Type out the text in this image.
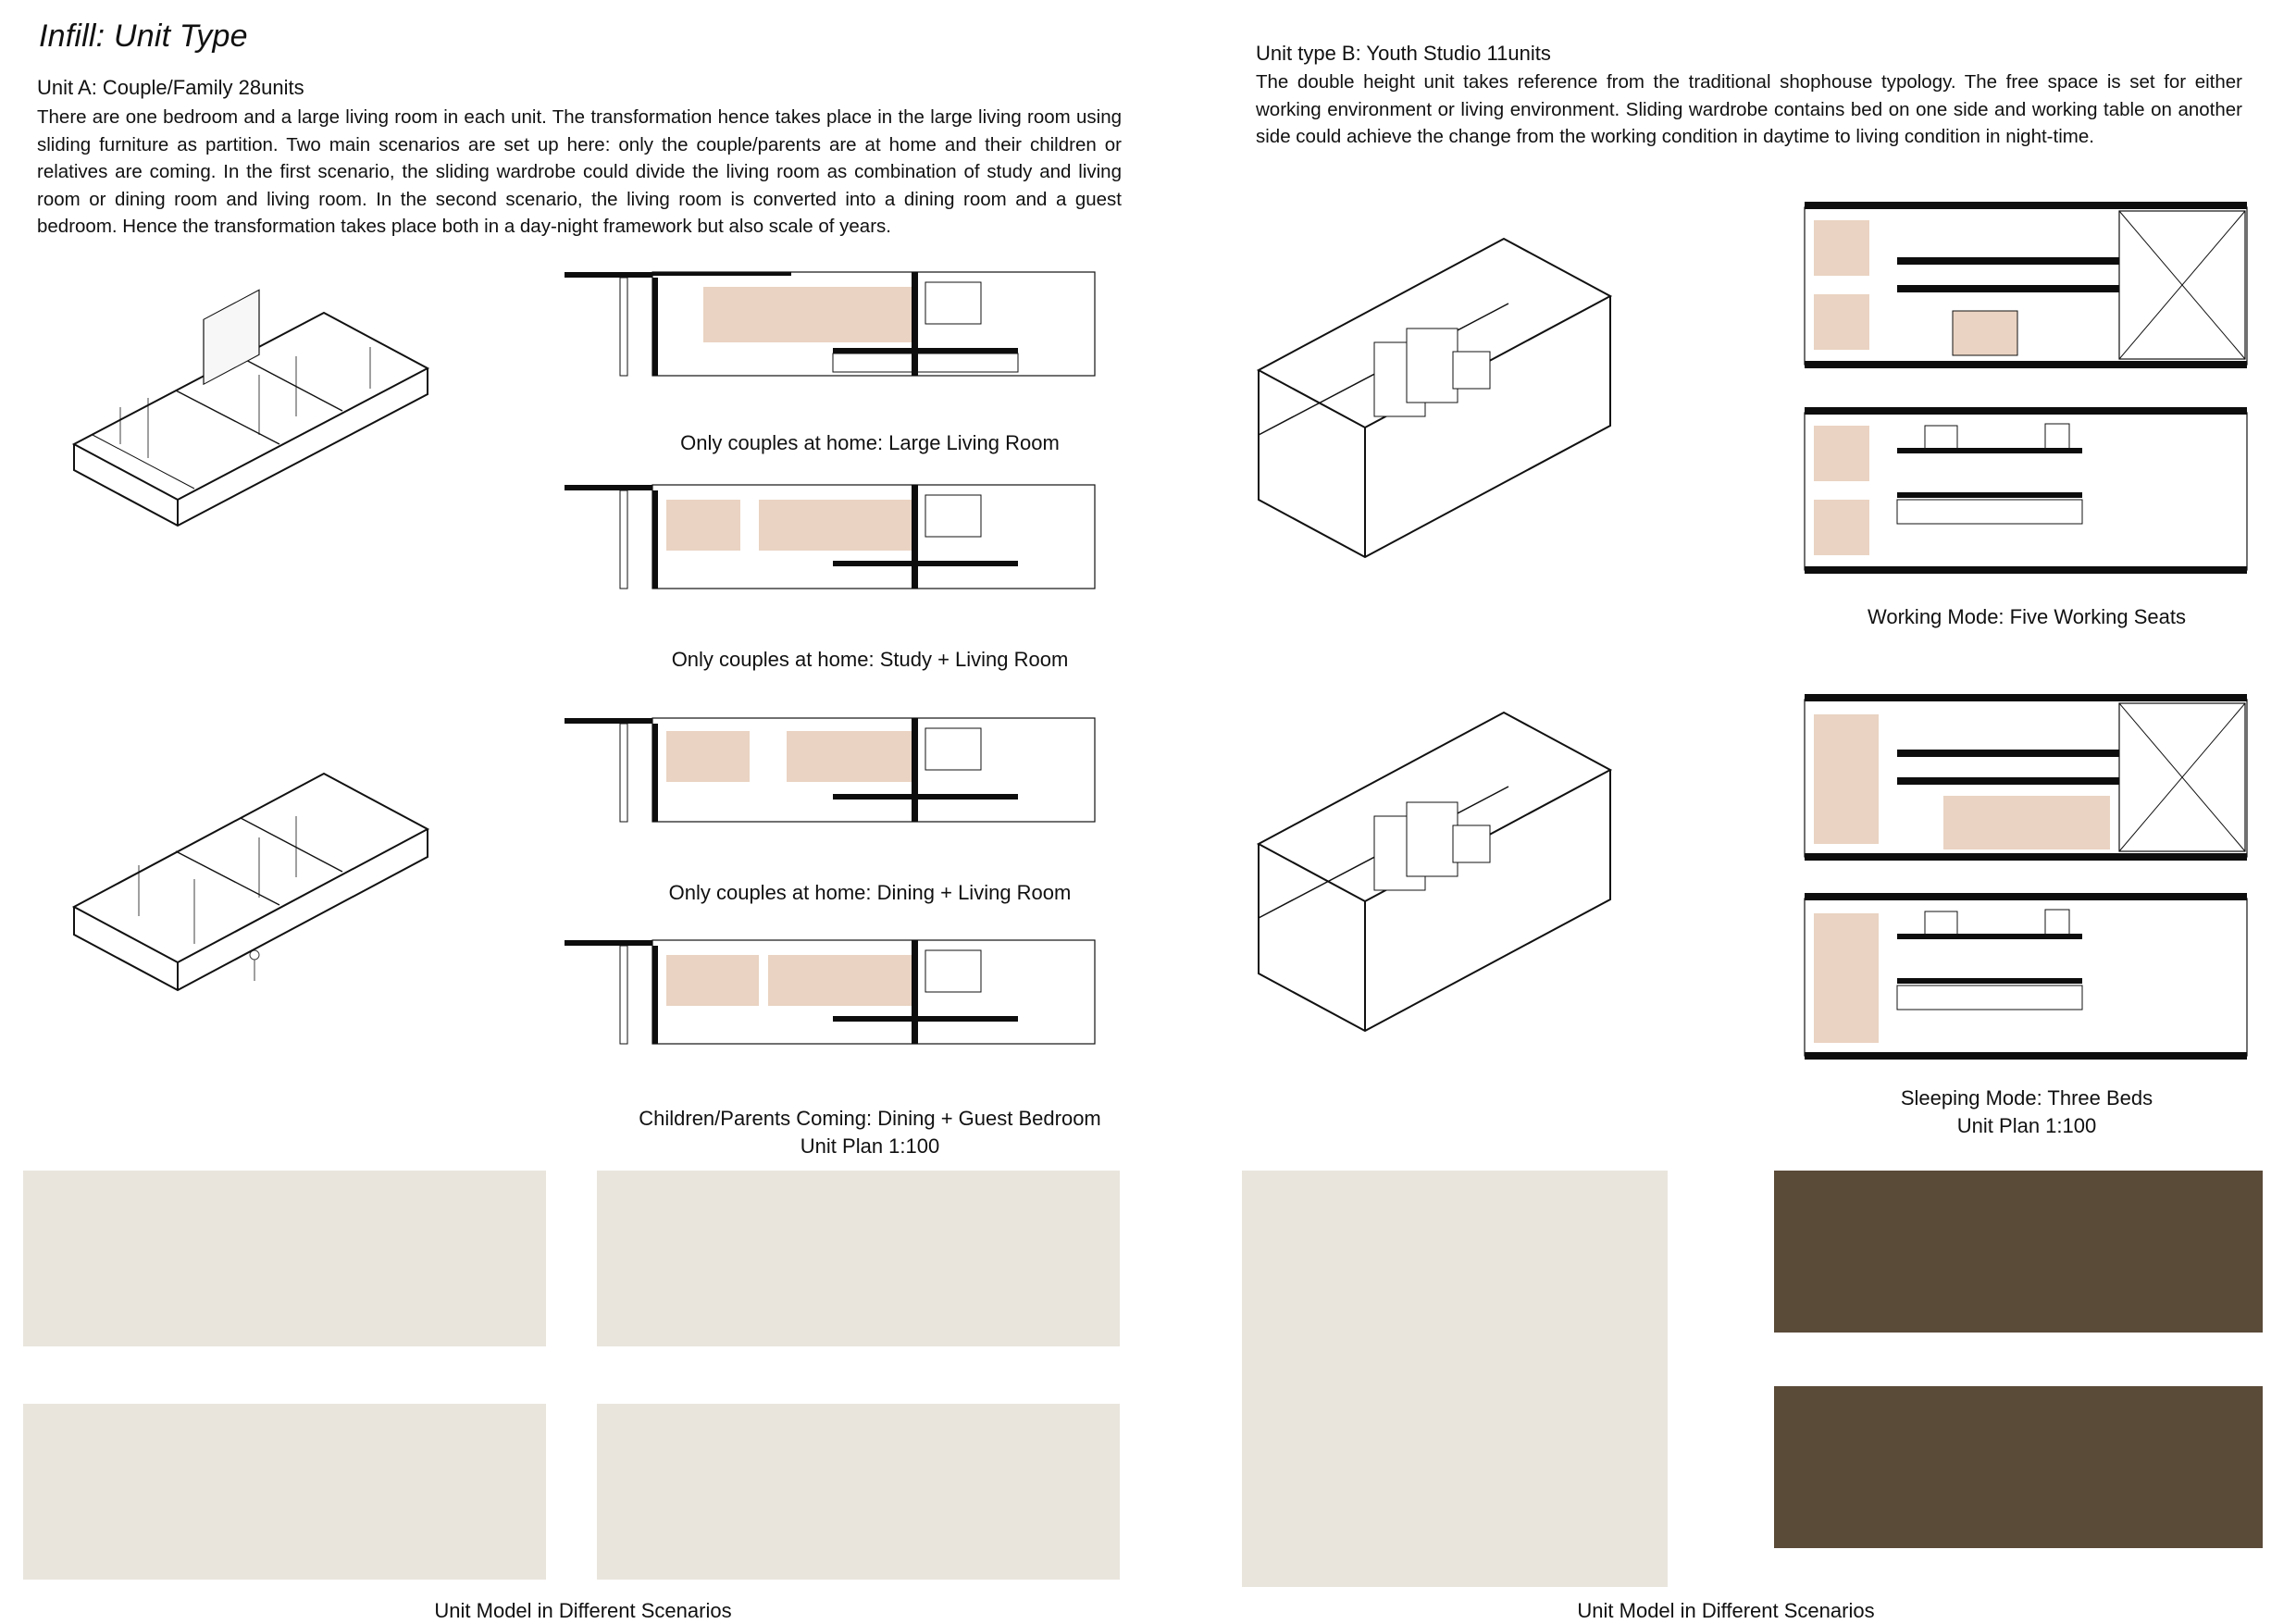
Infill: Unit Type
Unit A: Couple/Family 28units
There are one bedroom and a large living room in each unit. The transformation hence takes place in the large living room using sliding furniture as partition. Two main scenarios are set up here: only the couple/parents are at home and their children or relatives are coming. In the first scenario, the sliding wardrobe could divide the living room as combination of study and living room or dining room and living room. In the second scenario, the living room is converted into a dining room and a guest bedroom. Hence the transformation takes place both in a day-night framework but also scale of years.
Unit type B: Youth Studio 11units
The double height unit takes reference from the traditional shophouse typology. The free space is set for either working environment or living environment. Sliding wardrobe contains bed on one side and working table on another side could achieve the change from the working condition in daytime to living condition in night-time.
Only couples at home: Large Living Room
Only couples at home: Study + Living Room
Only couples at home: Dining + Living Room
Children/Parents Coming: Dining + Guest Bedroom
Unit Plan 1:100
Working Mode: Five Working Seats
Sleeping Mode: Three Beds
Unit Plan 1:100
Unit Model in Different Scenarios	Unit Model in Different Scenarios
